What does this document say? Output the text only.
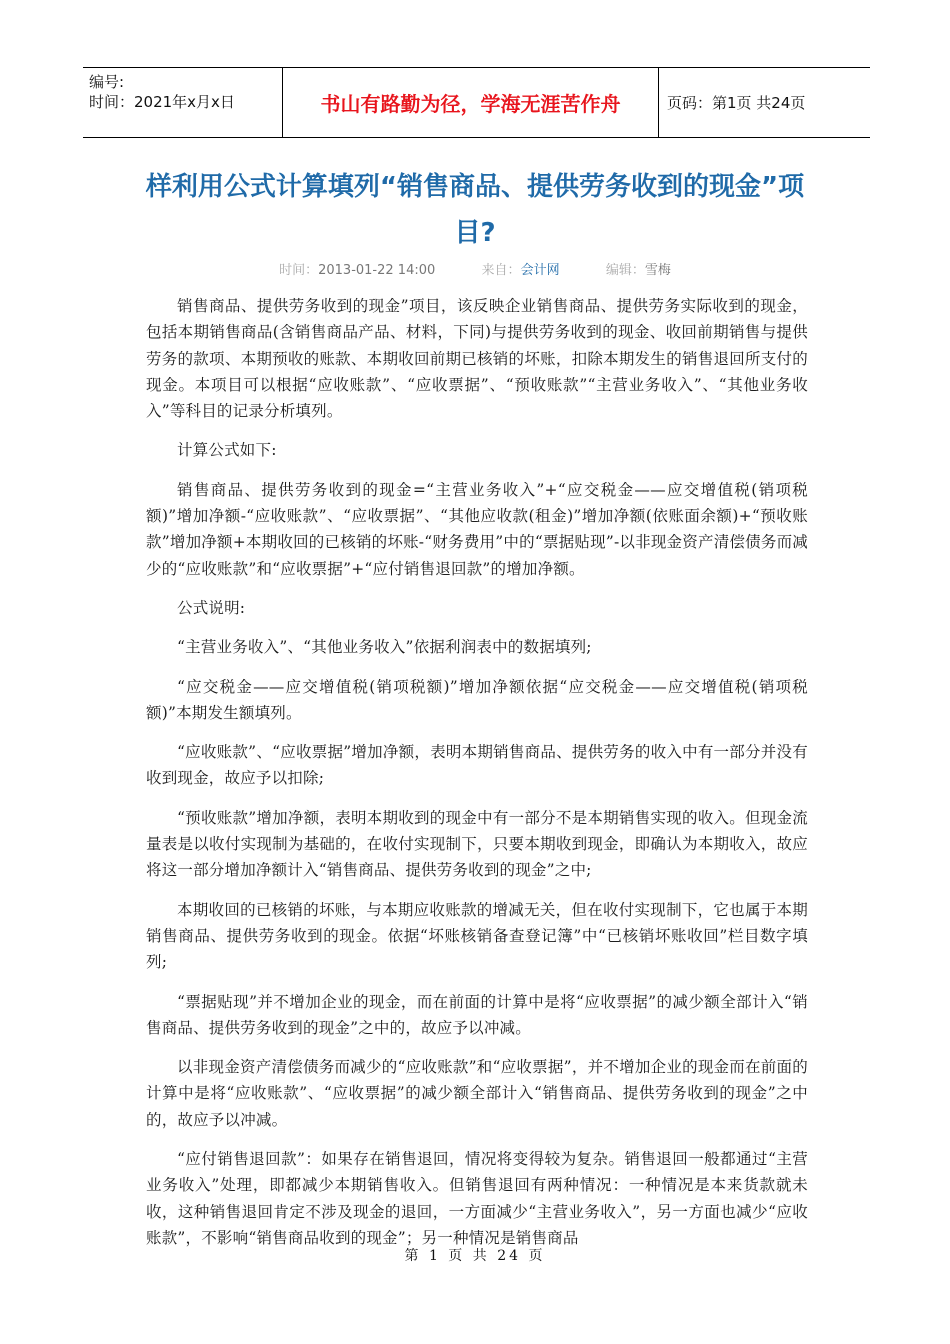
编号:
时间：2021年x月x日	书山有路勤为径，学海无涯苦作舟	页码：第1页 共24页
样利用公式计算填列“销售商品、提供劳务收到的现金”项目?
时间：2013-01-22 14:00	来自：会计网	编辑：雪梅

销售商品、提供劳务收到的现金”项目，该反映企业销售商品、提供劳务实际收到的现金，包括本期销售商品(含销售商品产品、材料，下同)与提供劳务收到的现金、收回前期销售与提供劳务的款项、本期预收的账款、本期收回前期已核销的坏账，扣除本期发生的销售退回所支付的现金。本项目可以根据“应收账款”、“应收票据”、“预收账款”“主营业务收入”、“其他业务收入”等科目的记录分析填列。

计算公式如下:

销售商品、提供劳务收到的现金=“主营业务收入”+“应交税金——应交增值税(销项税额)”增加净额-“应收账款”、“应收票据”、“其他应收款(租金)”增加净额(依账面余额)+“预收账款”增加净额+本期收回的已核销的坏账-“财务费用”中的“票据贴现”-以非现金资产清偿债务而减少的“应收账款”和“应收票据”+“应付销售退回款”的增加净额。

公式说明:

“主营业务收入”、“其他业务收入”依据利润表中的数据填列;

“应交税金——应交增值税(销项税额)”增加净额依据“应交税金——应交增值税(销项税额)”本期发生额填列。

“应收账款”、“应收票据”增加净额，表明本期销售商品、提供劳务的收入中有一部分并没有收到现金，故应予以扣除;

“预收账款”增加净额，表明本期收到的现金中有一部分不是本期销售实现的收入。但现金流量表是以收付实现制为基础的，在收付实现制下，只要本期收到现金，即确认为本期收入，故应将这一部分增加净额计入“销售商品、提供劳务收到的现金”之中;

本期收回的已核销的坏账，与本期应收账款的增减无关，但在收付实现制下，它也属于本期销售商品、提供劳务收到的现金。依据“坏账核销备查登记簿”中“已核销坏账收回”栏目数字填列;

“票据贴现”并不增加企业的现金，而在前面的计算中是将“应收票据”的减少额全部计入“销售商品、提供劳务收到的现金”之中的，故应予以冲减。

以非现金资产清偿债务而减少的“应收账款”和“应收票据”，并不增加企业的现金而在前面的计算中是将“应收账款”、“应收票据”的减少额全部计入“销售商品、提供劳务收到的现金”之中的，故应予以冲减。

“应付销售退回款”：如果存在销售退回，情况将变得较为复杂。销售退回一般都通过“主营业务收入”处理，即都减少本期销售收入。但销售退回有两种情况：一种情况是本来货款就未收，这种销售退回肯定不涉及现金的退回，一方面减少“主营业务收入”，另一方面也减少“应收账款”，不影响“销售商品收到的现金”；另一种情况是销售商品

第 1 页 共 24 页
